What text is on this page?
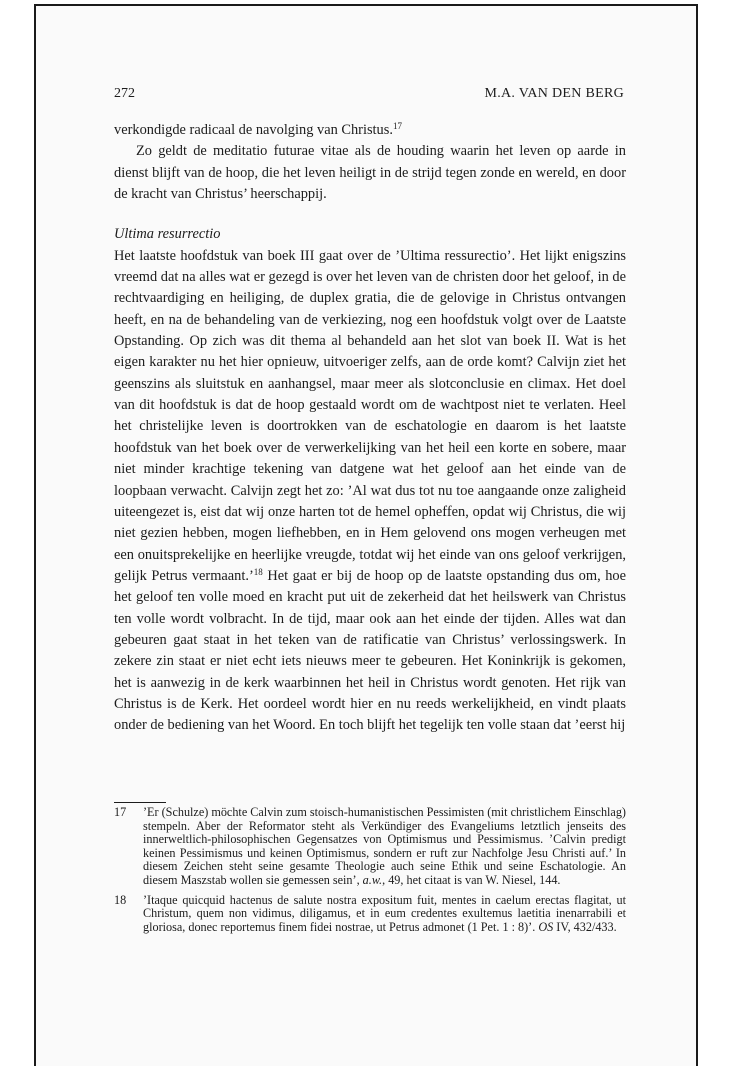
272	M.A. VAN DEN BERG

verkondigde radicaal de navolging van Christus.$^{17}$

Zo geldt de meditatio futurae vitae als de houding waarin het leven op aarde in dienst blijft van de hoop, die het leven heiligt in de strijd tegen zonde en wereld, en door de kracht van Christus’ heerschappij.

Ultima resurrectio

Het laatste hoofdstuk van boek III gaat over de ’Ultima ressurectio’. Het lijkt enigszins vreemd dat na alles wat er gezegd is over het leven van de christen door het geloof, in de rechtvaardiging en heiliging, de duplex gratia, die de gelovige in Christus ontvangen heeft, en na de behandeling van de verkiezing, nog een hoofdstuk volgt over de Laatste Opstanding. Op zich was dit thema al behandeld aan het slot van boek II. Wat is het eigen karakter nu het hier opnieuw, uitvoeriger zelfs, aan de orde komt? Calvijn ziet het geenszins als sluitstuk en aanhangsel, maar meer als slotconclusie en climax. Het doel van dit hoofdstuk is dat de hoop gestaald wordt om de wachtpost niet te verlaten. Heel het christelijke leven is doortrokken van de eschatologie en daarom is het laatste hoofdstuk van het boek over de verwerkelijking van het heil een korte en sobere, maar niet minder krachtige tekening van datgene wat het geloof aan het einde van de loopbaan verwacht. Calvijn zegt het zo: ’Al wat dus tot nu toe aangaande onze zaligheid uiteengezet is, eist dat wij onze harten tot de hemel opheffen, opdat wij Christus, die wij niet gezien hebben, mogen liefhebben, en in Hem gelovend ons mogen verheugen met een onuitsprekelijke en heerlijke vreugde, totdat wij het einde van ons geloof verkrijgen, gelijk Petrus vermaant.’$^{18}$ Het gaat er bij de hoop op de laatste opstanding dus om, hoe het geloof ten volle moed en kracht put uit de zekerheid dat het heilswerk van Christus ten volle wordt volbracht. In de tijd, maar ook aan het einde der tijden. Alles wat dan gebeuren gaat staat in het teken van de ratificatie van Christus’ verlossingswerk. In zekere zin staat er niet echt iets nieuws meer te gebeuren. Het Koninkrijk is gekomen, het is aanwezig in de kerk waarbinnen het heil in Christus wordt genoten. Het rijk van Christus is de Kerk. Het oordeel wordt hier en nu reeds werkelijkheid, en vindt plaats onder de bediening van het Woord. En toch blijft het tegelijk ten volle staan dat ’eerst hij

17	’Er (Schulze) möchte Calvin zum stoisch-humanistischen Pessimisten (mit christlichem Einschlag) stempeln. Aber der Reformator steht als Verkündiger des Evangeliums letztlich jenseits des innerweltlich-philosophischen Gegensatzes von Optimismus und Pessimismus. ’Calvin predigt keinen Pessimismus und keinen Optimismus, sondern er ruft zur Nachfolge Jesu Christi auf.’ In diesem Zeichen steht seine gesamte Theologie auch seine Ethik und seine Eschatologie. An diesem Maszstab wollen sie gemessen sein’, a.w., 49, het citaat is van W. Niesel, 144.
18	’Itaque quicquid hactenus de salute nostra expositum fuit, mentes in caelum erectas flagitat, ut Christum, quem non vidimus, diligamus, et in eum credentes exultemus laetitia inenarrabili et gloriosa, donec reportemus finem fidei nostrae, ut Petrus admonet (1 Pet. 1 : 8)’. OS IV, 432/433.
